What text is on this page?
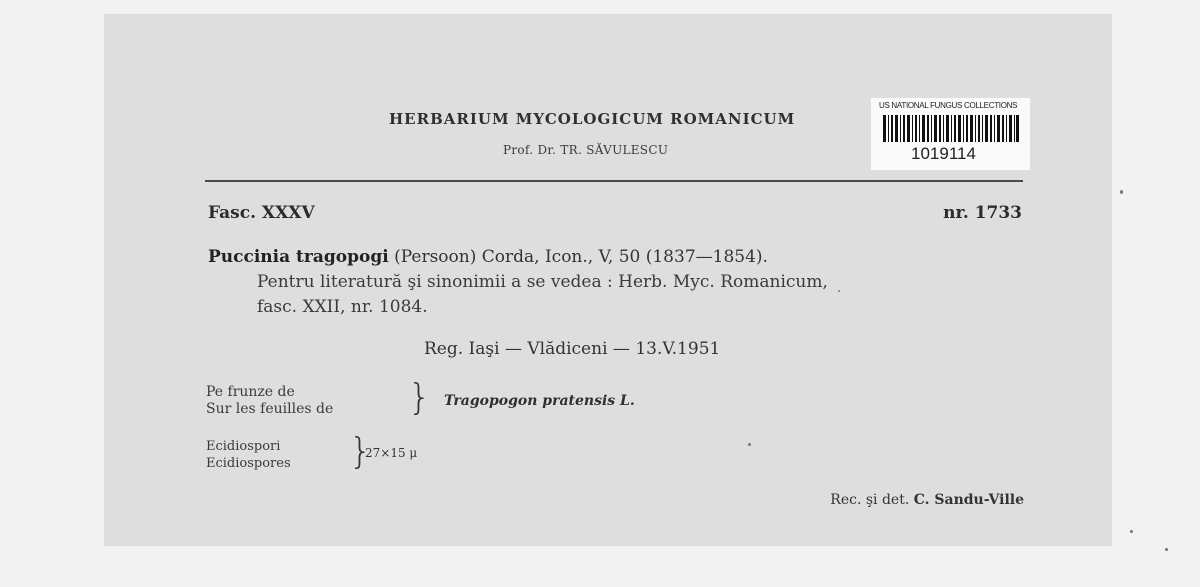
HERBARIUM MYCOLOGICUM ROMANICUM
Prof. Dr. TR. SĂVULESCU
US NATIONAL FUNGUS COLLECTIONS
1019114
Fasc. XXXV	nr. 1733
Puccinia tragopogi (Persoon) Corda, Icon., V, 50 (1837—1854).
Pentru literatură şi sinonimii a se vedea : Herb. Myc. Romanicum,
fasc. XXII, nr. 1084.
Reg. Iaşi — Vlădiceni — 13.V.1951
Pe frunze de
Sur les feuilles de } Tragopogon pratensis L.
Ecidiospori
Ecidiospores }
27×15 μ
Rec. şi det. C. Sandu-Ville
